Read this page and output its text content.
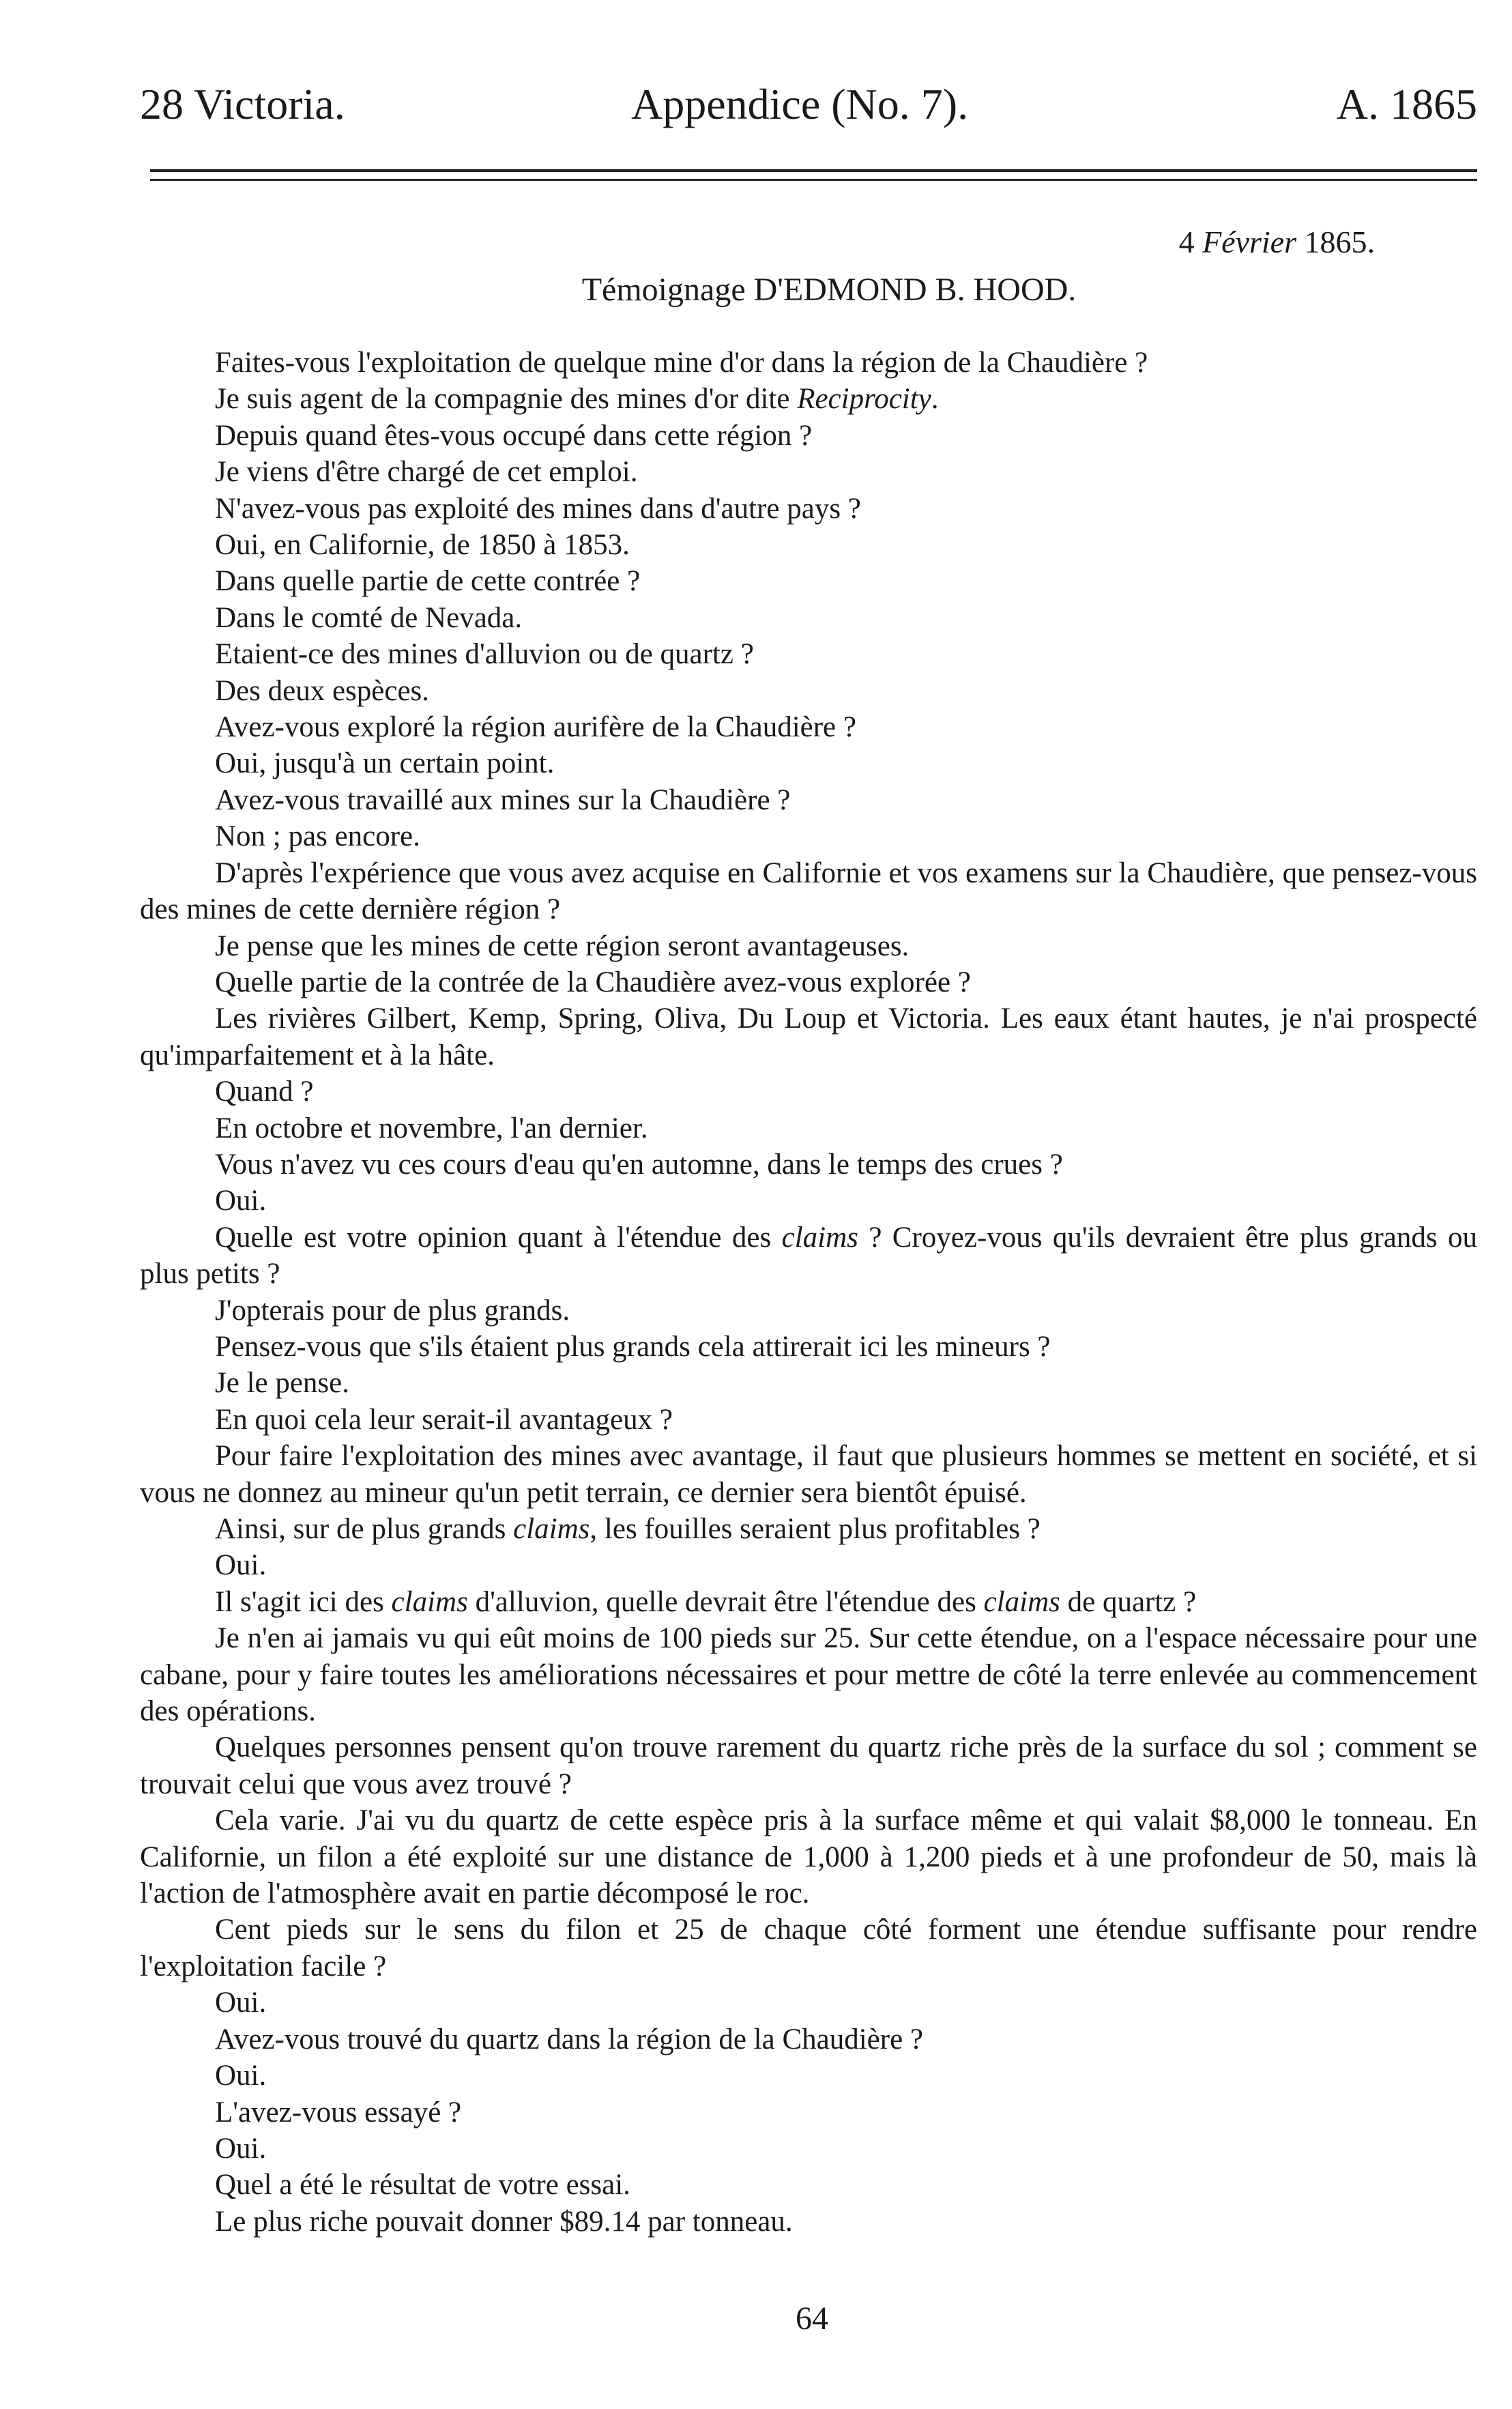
28 Victoria.	Appendice (No. 7).	A. 1865
4 Février 1865.
Témoignage D'EDMOND B. HOOD.

Faites-vous l'exploitation de quelque mine d'or dans la région de la Chaudière ?

Je suis agent de la compagnie des mines d'or dite Reciprocity.

Depuis quand êtes-vous occupé dans cette région ?

Je viens d'être chargé de cet emploi.

N'avez-vous pas exploité des mines dans d'autre pays ?

Oui, en Californie, de 1850 à 1853.

Dans quelle partie de cette contrée ?

Dans le comté de Nevada.

Etaient-ce des mines d'alluvion ou de quartz ?

Des deux espèces.

Avez-vous exploré la région aurifère de la Chaudière ?

Oui, jusqu'à un certain point.

Avez-vous travaillé aux mines sur la Chaudière ?

Non ; pas encore.

D'après l'expérience que vous avez acquise en Californie et vos examens sur la Chaudière, que pensez-vous des mines de cette dernière région ?

Je pense que les mines de cette région seront avantageuses.

Quelle partie de la contrée de la Chaudière avez-vous explorée ?

Les rivières Gilbert, Kemp, Spring, Oliva, Du Loup et Victoria. Les eaux étant hautes, je n'ai prospecté qu'imparfaitement et à la hâte.

Quand ?

En octobre et novembre, l'an dernier.

Vous n'avez vu ces cours d'eau qu'en automne, dans le temps des crues ?

Oui.

Quelle est votre opinion quant à l'étendue des claims ? Croyez-vous qu'ils devraient être plus grands ou plus petits ?

J'opterais pour de plus grands.

Pensez-vous que s'ils étaient plus grands cela attirerait ici les mineurs ?

Je le pense.

En quoi cela leur serait-il avantageux ?

Pour faire l'exploitation des mines avec avantage, il faut que plusieurs hommes se mettent en société, et si vous ne donnez au mineur qu'un petit terrain, ce dernier sera bientôt épuisé.

Ainsi, sur de plus grands claims, les fouilles seraient plus profitables ?

Oui.

Il s'agit ici des claims d'alluvion, quelle devrait être l'étendue des claims de quartz ?

Je n'en ai jamais vu qui eût moins de 100 pieds sur 25. Sur cette étendue, on a l'espace nécessaire pour une cabane, pour y faire toutes les améliorations nécessaires et pour mettre de côté la terre enlevée au commencement des opérations.

Quelques personnes pensent qu'on trouve rarement du quartz riche près de la surface du sol ; comment se trouvait celui que vous avez trouvé ?

Cela varie. J'ai vu du quartz de cette espèce pris à la surface même et qui valait $8,000 le tonneau. En Californie, un filon a été exploité sur une distance de 1,000 à 1,200 pieds et à une profondeur de 50, mais là l'action de l'atmosphère avait en partie décomposé le roc.

Cent pieds sur le sens du filon et 25 de chaque côté forment une étendue suffisante pour rendre l'exploitation facile ?

Oui.

Avez-vous trouvé du quartz dans la région de la Chaudière ?

Oui.

L'avez-vous essayé ?

Oui.

Quel a été le résultat de votre essai.

Le plus riche pouvait donner $89.14 par tonneau.

64
